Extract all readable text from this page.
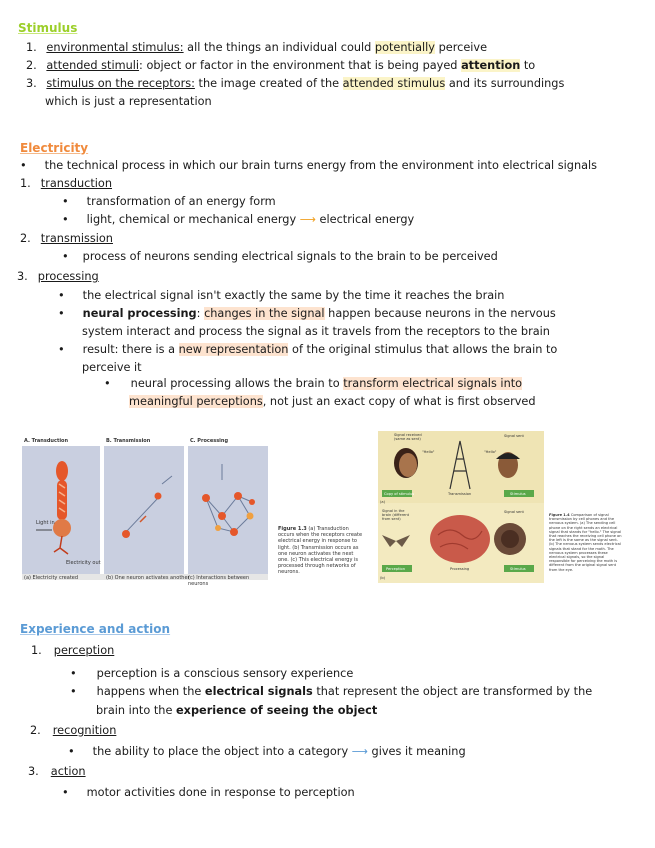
Stimulus
1. environmental stimulus: all the things an individual could potentially perceive
2. attended stimuli: object or factor in the environment that is being payed attention to
3. stimulus on the receptors: the image created of the attended stimulus and its surroundings
which is just a representation
Electricity
• the technical process in which our brain turns energy from the environment into electrical signals
1. transduction
• transformation of an energy form
• light, chemical or mechanical energy ⟶ electrical energy
2. transmission
• process of neurons sending electrical signals to the brain to be perceived
3. processing
• the electrical signal isn't exactly the same by the time it reaches the brain
• neural processing: changes in the signal happen because neurons in the nervous
system interact and process the signal as it travels from the receptors to the brain
• result: there is a new representation of the original stimulus that allows the brain to
perceive it
• neural processing allows the brain to transform electrical signals into
meaningful perceptions, not just an exact copy of what is first observed
A. Transduction	B. Transmission	C. Processing
Light in
Electricity out
(a) Electricity created	(b) One neuron activates another
(c) Interactions between neurons
Figure 1.3 (a) Transduction occurs when the receptors create electrical energy in response to light. (b) Transmission occurs as one neuron activates the next one. (c) This electrical energy is processed through networks of neurons.
Signal received (same as sent)
Signal sent
"Hello"	"Hello"
(a)
Copy of stimulus	Transmission	Stimulus
Signal in the brain (different from sent)
Signal sent
(b)
Perception	Processing	Stimulus
Figure 1.4 Comparison of signal transmission by cell phones and the nervous system. (a) The sending cell phone on the right sends an electrical signal that stands for "hello." The signal that reaches the receiving cell phone on the left is the same as the signal sent. (b) The nervous system sends electrical signals that stand for the moth. The nervous system processes these electrical signals, so the signal responsible for perceiving the moth is different from the original signal sent from the eye.
Experience and action
1. perception
• perception is a conscious sensory experience
• happens when the electrical signals that represent the object are transformed by the
brain into the experience of seeing the object
2. recognition
• the ability to place the object into a category ⟶ gives it meaning
3. action
• motor activities done in response to perception
